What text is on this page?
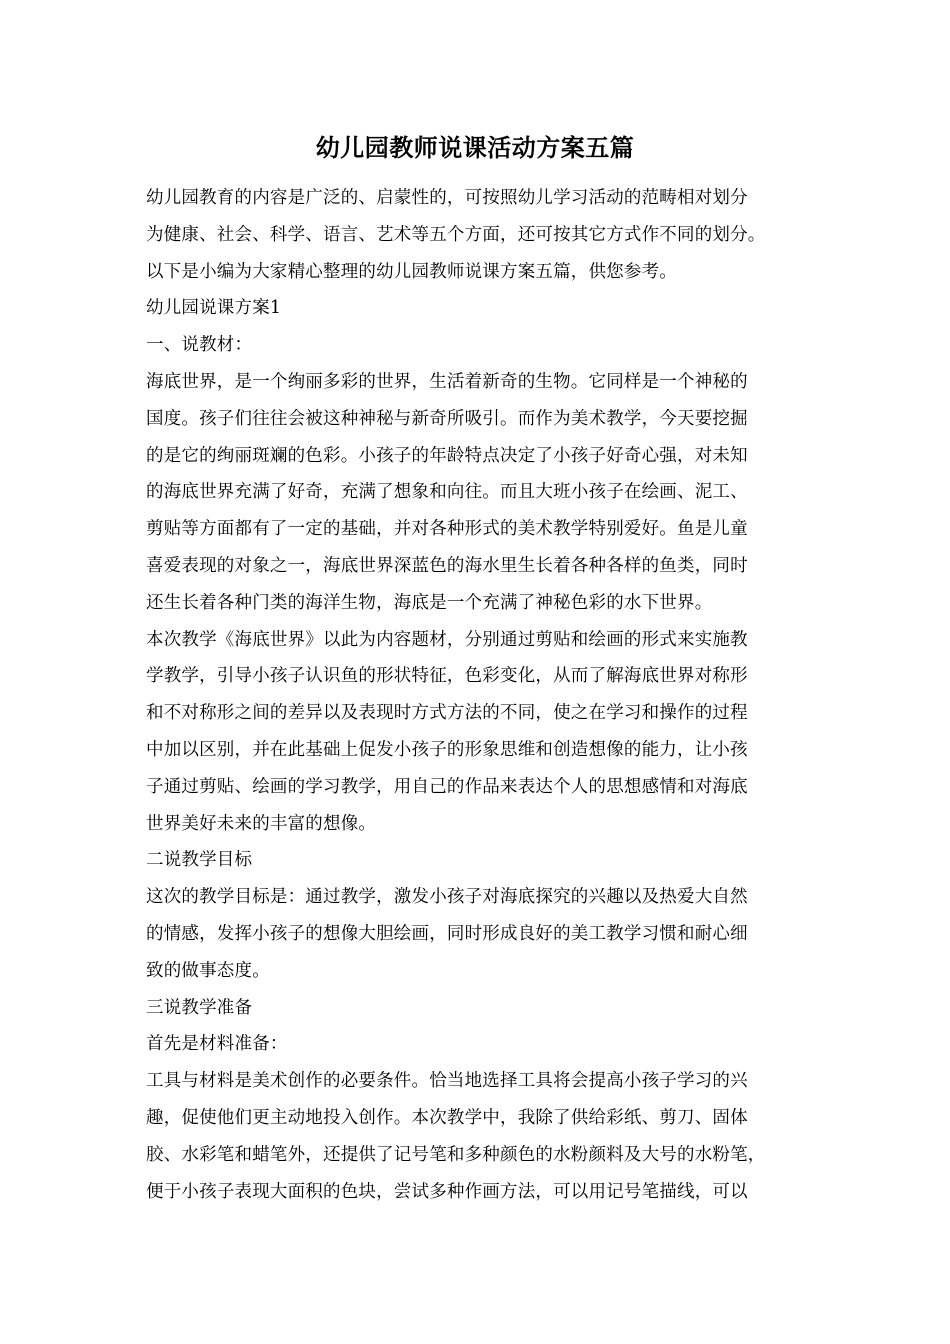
幼儿园教师说课活动方案五篇
幼儿园教育的内容是广泛的、启蒙性的，可按照幼儿学习活动的范畴相对划分
为健康、社会、科学、语言、艺术等五个方面，还可按其它方式作不同的划分。
以下是小编为大家精心整理的幼儿园教师说课方案五篇，供您参考。
幼儿园说课方案1
一、说教材：
海底世界，是一个绚丽多彩的世界，生活着新奇的生物。它同样是一个神秘的
国度。孩子们往往会被这种神秘与新奇所吸引。而作为美术教学，今天要挖掘
的是它的绚丽斑斓的色彩。小孩子的年龄特点决定了小孩子好奇心强，对未知
的海底世界充满了好奇，充满了想象和向往。而且大班小孩子在绘画、泥工、
剪贴等方面都有了一定的基础，并对各种形式的美术教学特别爱好。鱼是儿童
喜爱表现的对象之一，海底世界深蓝色的海水里生长着各种各样的鱼类，同时
还生长着各种门类的海洋生物，海底是一个充满了神秘色彩的水下世界。
本次教学《海底世界》以此为内容题材，分别通过剪贴和绘画的形式来实施教
学教学，引导小孩子认识鱼的形状特征，色彩变化，从而了解海底世界对称形
和不对称形之间的差异以及表现时方式方法的不同，使之在学习和操作的过程
中加以区别，并在此基础上促发小孩子的形象思维和创造想像的能力，让小孩
子通过剪贴、绘画的学习教学，用自己的作品来表达个人的思想感情和对海底
世界美好未来的丰富的想像。
二说教学目标
这次的教学目标是：通过教学，激发小孩子对海底探究的兴趣以及热爱大自然
的情感，发挥小孩子的想像大胆绘画，同时形成良好的美工教学习惯和耐心细
致的做事态度。
三说教学准备
首先是材料准备：
工具与材料是美术创作的必要条件。恰当地选择工具将会提高小孩子学习的兴
趣，促使他们更主动地投入创作。本次教学中，我除了供给彩纸、剪刀、固体
胶、水彩笔和蜡笔外，还提供了记号笔和多种颜色的水粉颜料及大号的水粉笔，
便于小孩子表现大面积的色块，尝试多种作画方法，可以用记号笔描线，可以
